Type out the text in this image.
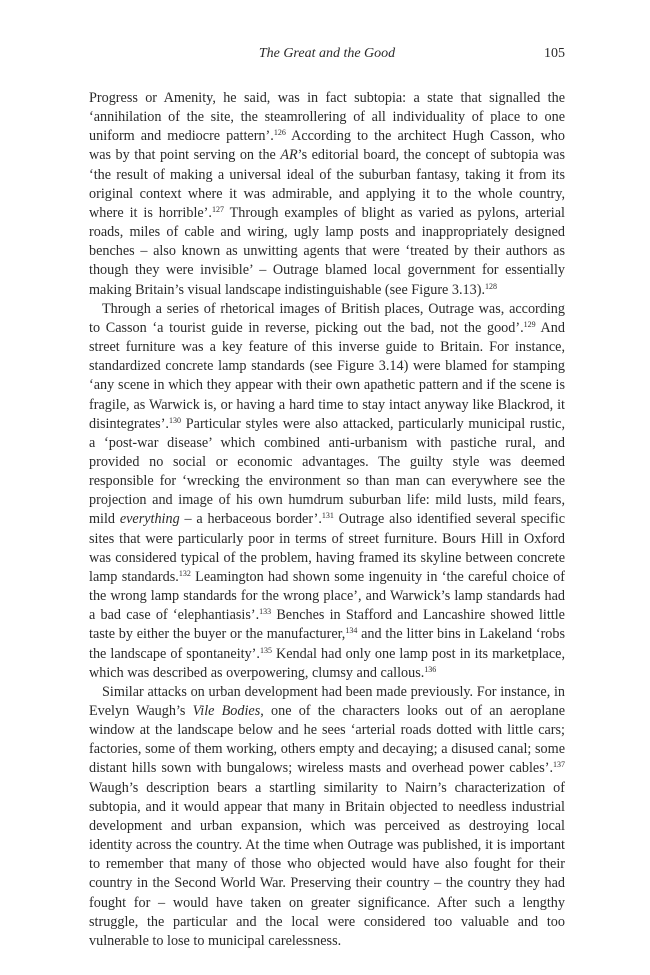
The Great and the Good	105

Progress or Amenity, he said, was in fact subtopia: a state that signalled the ‘annihilation of the site, the steamrollering of all individuality of place to one uniform and mediocre pattern’.$^{126}$ According to the architect Hugh Casson, who was by that point serving on the AR’s editorial board, the concept of subtopia was ‘the result of making a universal ideal of the suburban fantasy, taking it from its original context where it was admirable, and applying it to the whole country, where it is horrible’.$^{127}$ Through examples of blight as varied as pylons, arterial roads, miles of cable and wiring, ugly lamp posts and inappropriately designed benches – also known as unwitting agents that were ‘treated by their authors as though they were invisible’ – Outrage blamed local government for essentially making Britain’s visual landscape indistinguishable (see Figure 3.13).$^{128}$

Through a series of rhetorical images of British places, Outrage was, according to Casson ‘a tourist guide in reverse, picking out the bad, not the good’.$^{129}$ And street furniture was a key feature of this inverse guide to Britain. For instance, standardized concrete lamp standards (see Figure 3.14) were blamed for stamping ‘any scene in which they appear with their own apathetic pattern and if the scene is fragile, as Warwick is, or having a hard time to stay intact anyway like Blackrod, it disintegrates’.$^{130}$ Particular styles were also attacked, particularly municipal rustic, a ‘post-war disease’ which combined anti-urbanism with pastiche rural, and provided no social or economic advantages. The guilty style was deemed responsible for ‘wrecking the environment so than man can everywhere see the projection and image of his own humdrum suburban life: mild lusts, mild fears, mild everything – a herbaceous border’.$^{131}$ Outrage also identified several specific sites that were particularly poor in terms of street furniture. Bours Hill in Oxford was considered typical of the problem, having framed its skyline between concrete lamp standards.$^{132}$ Leamington had shown some ingenuity in ‘the careful choice of the wrong lamp standards for the wrong place’, and Warwick’s lamp standards had a bad case of ‘elephantiasis’.$^{133}$ Benches in Stafford and Lancashire showed little taste by either the buyer or the manufacturer,$^{134}$ and the litter bins in Lakeland ‘robs the landscape of spontaneity’.$^{135}$ Kendal had only one lamp post in its marketplace, which was described as overpowering, clumsy and callous.$^{136}$

Similar attacks on urban development had been made previously. For instance, in Evelyn Waugh’s Vile Bodies, one of the characters looks out of an aeroplane window at the landscape below and he sees ‘arterial roads dotted with little cars; factories, some of them working, others empty and decaying; a disused canal; some distant hills sown with bungalows; wireless masts and overhead power cables’.$^{137}$ Waugh’s description bears a startling similarity to Nairn’s characterization of subtopia, and it would appear that many in Britain objected to needless industrial development and urban expansion, which was perceived as destroying local identity across the country. At the time when Outrage was published, it is important to remember that many of those who objected would have also fought for their country in the Second World War. Preserving their country – the country they had fought for – would have taken on greater significance. After such a lengthy struggle, the particular and the local were considered too valuable and too vulnerable to lose to municipal carelessness.
